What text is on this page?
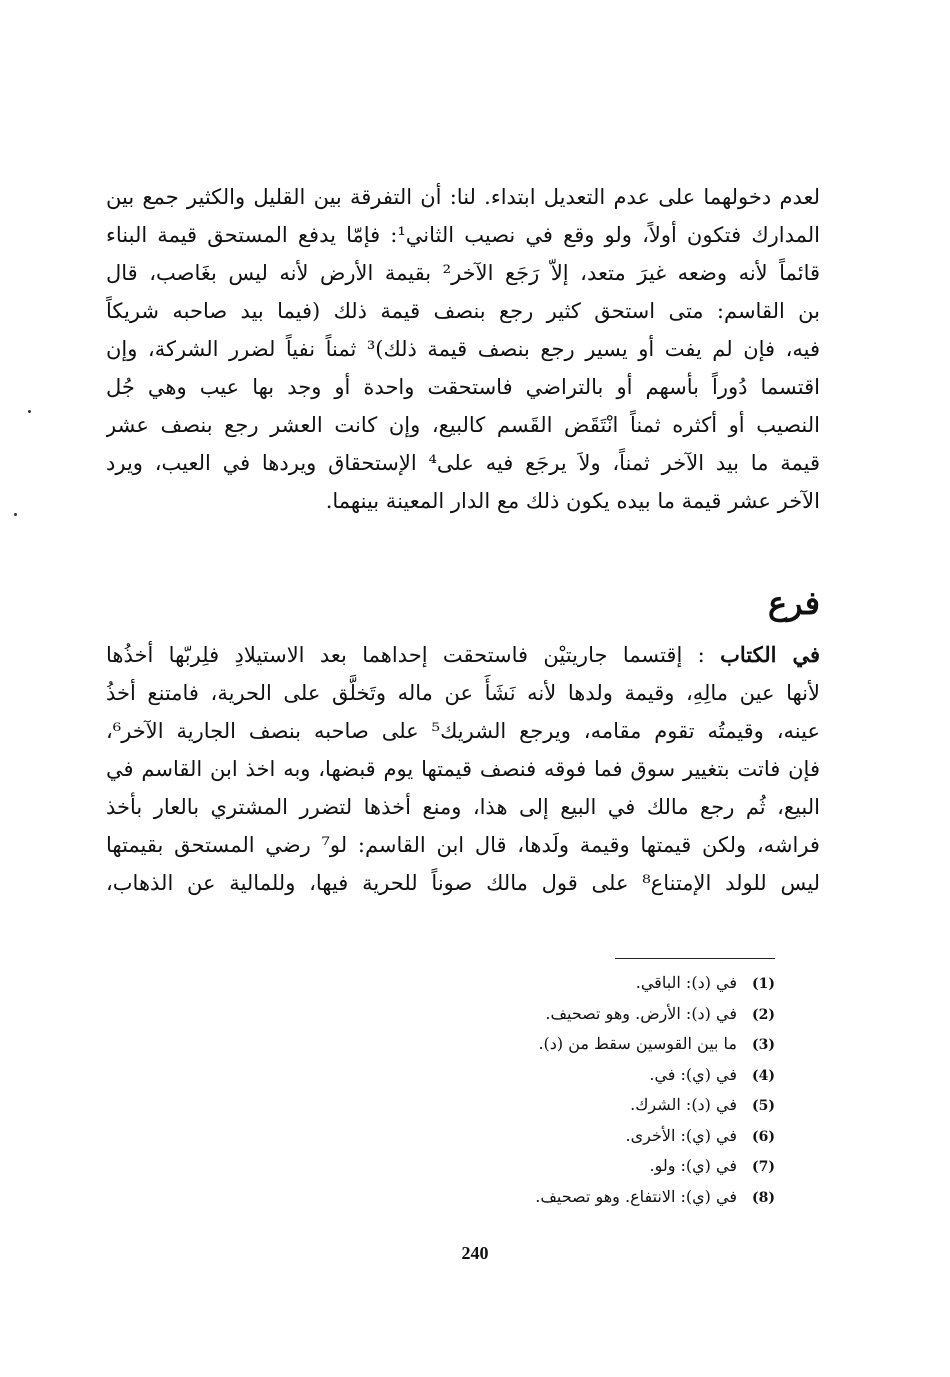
لعدم دخولهما على عدم التعديل ابتداء. لنا: أن التفرقة بين القليل والكثير جمع بين
المدارك فتكون أولاً، ولو وقع في نصيب الثاني¹: فإمّا يدفع المستحق قيمة البناء
قائماً لأنه وضعه غيرَ متعد، إلاّ رَجَع الآخر² بقيمة الأرض لأنه ليس بغَاصب، قال
بن القاسم: متى استحق كثير رجع بنصف قيمة ذلك (فيما بيد صاحبه شريكاً
فيه، فإن لم يفت أو يسير رجع بنصف قيمة ذلك)³ ثمناً نفياً لضرر الشركة، وإن
اقتسما دُوراً بأسهم أو بالتراضي فاستحقت واحدة أو وجد بها عيب وهي جُل
النصيب أو أكثره ثمناً انْتَقَض القَسم كالبيع، وإن كانت العشر رجع بنصف عشر
قيمة ما بيد الآخر ثمناً، ولاَ يرجَع فيه على⁴ الإستحقاق ويردها في العيب، ويرد
الآخر عشر قيمة ما بيده يكون ذلك مع الدار المعينة بينهما.
فرع
في الكتاب : إقتسما جاريتيْن فاستحقت إحداهما بعد الاستيلادِ فلِربّها أخذُها
لأنها عين مالِهِ، وقيمة ولدها لأنه نَشَأَ عن ماله وتَخلَّق على الحرية، فامتنع أخذُ
عينه، وقيمتُه تقوم مقامه، ويرجع الشريك⁵ على صاحبه بنصف الجارية الآخر⁶،
فإن فاتت بتغيير سوق فما فوقه فنصف قيمتها يوم قبضها، وبه اخذ ابن القاسم في
البيع، ثُم رجع مالك في البيع إلى هذا، ومنع أخذها لتضرر المشتري بالعار بأخذ
فراشه، ولكن قيمتها وقيمة ولَدها، قال ابن القاسم: لو⁷ رضي المستحق بقيمتها
ليس للولد الإمتناع⁸ على قول مالك صوناً للحرية فيها، وللمالية عن الذهاب،
(1)في (د): الباقي.
(2)في (د): الأرض. وهو تصحيف.
(3)ما بين القوسين سقط من (د).
(4)في (ي): في.
(5)في (د): الشرك.
(6)في (ي): الأخرى.
(7)في (ي): ولو.
(8)في (ي): الانتفاع. وهو تصحيف.
240
